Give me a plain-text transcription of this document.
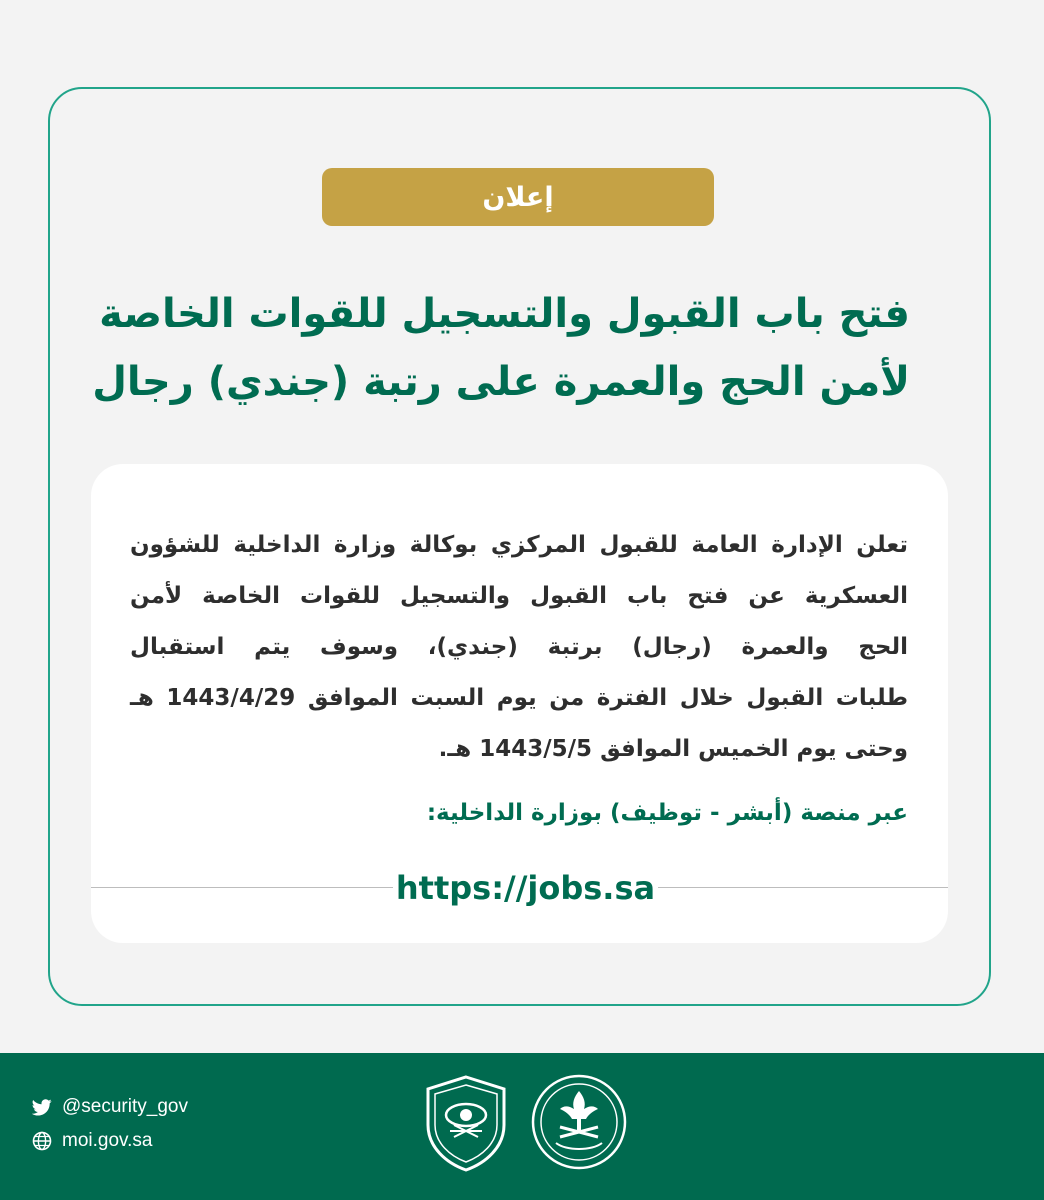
إعلان
فتح باب القبول والتسجيل للقوات الخاصة
لأمن الحج والعمرة على رتبة (جندي) رجال
تعلن الإدارة العامة للقبول المركزي بوكالة وزارة الداخلية للشؤون
العسكرية عن فتح باب القبول والتسجيل للقوات الخاصة لأمن
الحج والعمرة (رجال) برتبة (جندي)، وسوف يتم استقبال
طلبات القبول خلال الفترة من يوم السبت الموافق 1443/4/29 هـ
وحتى يوم الخميس الموافق 1443/5/5 هـ.
عبر منصة (أبشر - توظيف) بوزارة الداخلية:
https://jobs.sa
@security_gov
moi.gov.sa
